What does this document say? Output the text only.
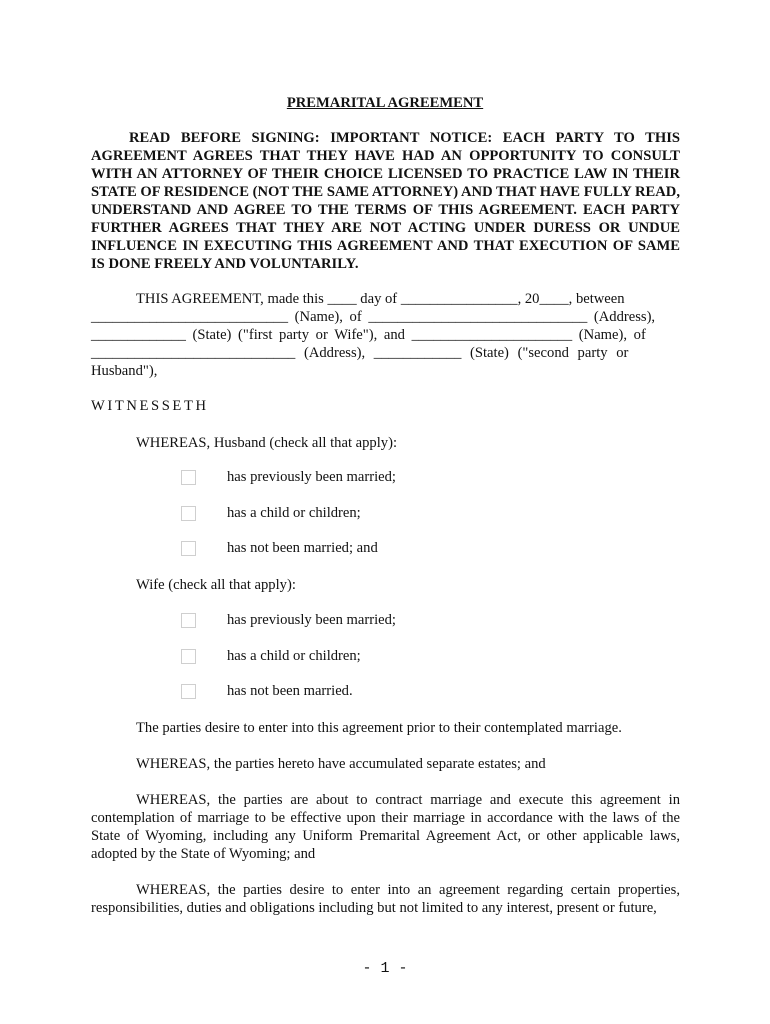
PREMARITAL AGREEMENT
READ BEFORE SIGNING: IMPORTANT NOTICE: EACH PARTY TO THIS AGREEMENT AGREES THAT THEY HAVE HAD AN OPPORTUNITY TO CONSULT WITH AN ATTORNEY OF THEIR CHOICE LICENSED TO PRACTICE LAW IN THEIR STATE OF RESIDENCE (NOT THE SAME ATTORNEY) AND THAT HAVE FULLY READ, UNDERSTAND AND AGREE TO THE TERMS OF THIS AGREEMENT. EACH PARTY FURTHER AGREES THAT THEY ARE NOT ACTING UNDER DURESS OR UNDUE INFLUENCE IN EXECUTING THIS AGREEMENT AND THAT EXECUTION OF SAME IS DONE FREELY AND VOLUNTARILY.
THIS AGREEMENT, made this ____ day of ________________, 20____, between
___________________________ (Name), of ______________________________ (Address),
_____________ (State) ("first party or Wife"), and ______________________ (Name), of
____________________________ (Address), ____________ (State) ("second party or
Husband"),
WITNESSETH
WHEREAS, Husband (check all that apply):
has previously been married;
has a child or children;
has not been married; and
Wife (check all that apply):
has previously been married;
has a child or children;
has not been married.
The parties desire to enter into this agreement prior to their contemplated marriage.
WHEREAS, the parties hereto have accumulated separate estates; and
WHEREAS, the parties are about to contract marriage and execute this agreement in contemplation of marriage to be effective upon their marriage in accordance with the laws of the State of Wyoming, including any Uniform Premarital Agreement Act, or other applicable laws, adopted by the State of Wyoming; and
WHEREAS, the parties desire to enter into an agreement regarding certain properties, responsibilities, duties and obligations including but not limited to any interest, present or future,
- 1 -
